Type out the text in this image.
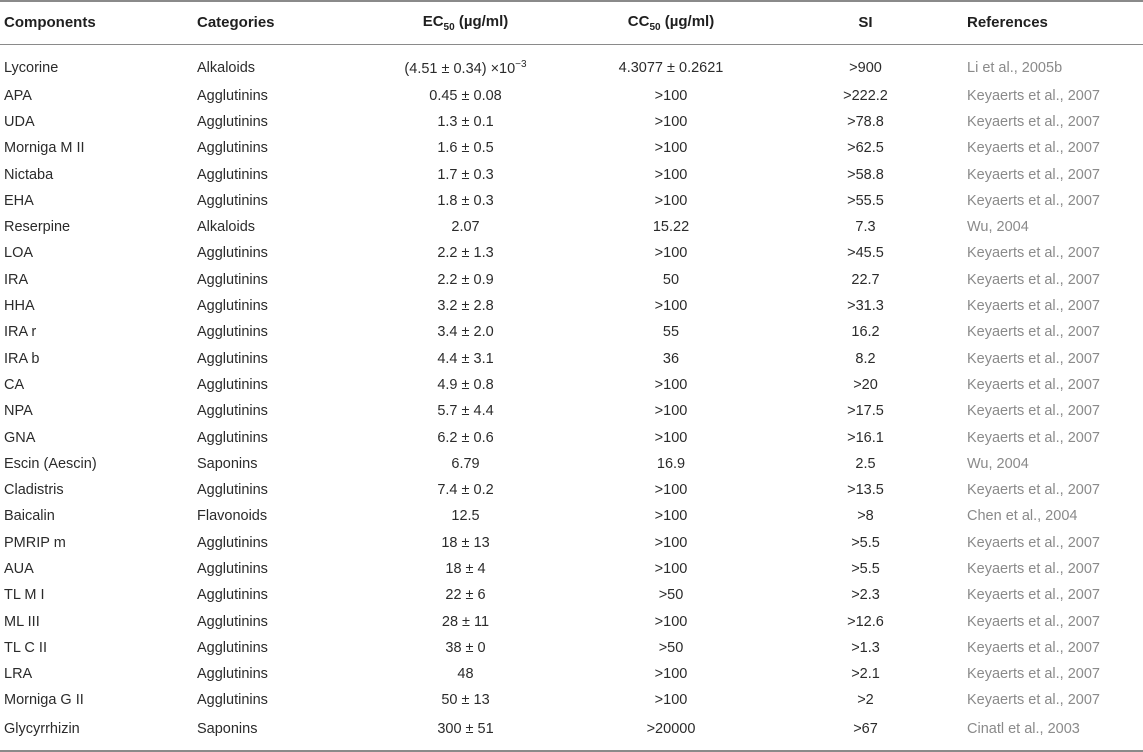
Components	Categories	$EC_{50}$ (µg/ml)	$CC_{50}$ (µg/ml)	SI	References
Lycorine	Alkaloids	$(4.51 \pm 0.34) \times 10^{-3}$	4.3077 ± 0.2621	>900	Li et al., 2005b
APA	Agglutinins	0.45 ± 0.08	>100	>222.2	Keyaerts et al., 2007
UDA	Agglutinins	1.3 ± 0.1	>100	>78.8	Keyaerts et al., 2007
Morniga M II	Agglutinins	1.6 ± 0.5	>100	>62.5	Keyaerts et al., 2007
Nictaba	Agglutinins	1.7 ± 0.3	>100	>58.8	Keyaerts et al., 2007
EHA	Agglutinins	1.8 ± 0.3	>100	>55.5	Keyaerts et al., 2007
Reserpine	Alkaloids	2.07	15.22	7.3	Wu, 2004
LOA	Agglutinins	2.2 ± 1.3	>100	>45.5	Keyaerts et al., 2007
IRA	Agglutinins	2.2 ± 0.9	50	22.7	Keyaerts et al., 2007
HHA	Agglutinins	3.2 ± 2.8	>100	>31.3	Keyaerts et al., 2007
IRA r	Agglutinins	3.4 ± 2.0	55	16.2	Keyaerts et al., 2007
IRA b	Agglutinins	4.4 ± 3.1	36	8.2	Keyaerts et al., 2007
CA	Agglutinins	4.9 ± 0.8	>100	>20	Keyaerts et al., 2007
NPA	Agglutinins	5.7 ± 4.4	>100	>17.5	Keyaerts et al., 2007
GNA	Agglutinins	6.2 ± 0.6	>100	>16.1	Keyaerts et al., 2007
Escin (Aescin)	Saponins	6.79	16.9	2.5	Wu, 2004
Cladistris	Agglutinins	7.4 ± 0.2	>100	>13.5	Keyaerts et al., 2007
Baicalin	Flavonoids	12.5	>100	>8	Chen et al., 2004
PMRIP m	Agglutinins	18 ± 13	>100	>5.5	Keyaerts et al., 2007
AUA	Agglutinins	18 ± 4	>100	>5.5	Keyaerts et al., 2007
TL M I	Agglutinins	22 ± 6	>50	>2.3	Keyaerts et al., 2007
ML III	Agglutinins	28 ± 11	>100	>12.6	Keyaerts et al., 2007
TL C II	Agglutinins	38 ± 0	>50	>1.3	Keyaerts et al., 2007
LRA	Agglutinins	48	>100	>2.1	Keyaerts et al., 2007
Morniga G II	Agglutinins	50 ± 13	>100	>2	Keyaerts et al., 2007
Glycyrrhizin	Saponins	300 ± 51	>20000	>67	Cinatl et al., 2003
